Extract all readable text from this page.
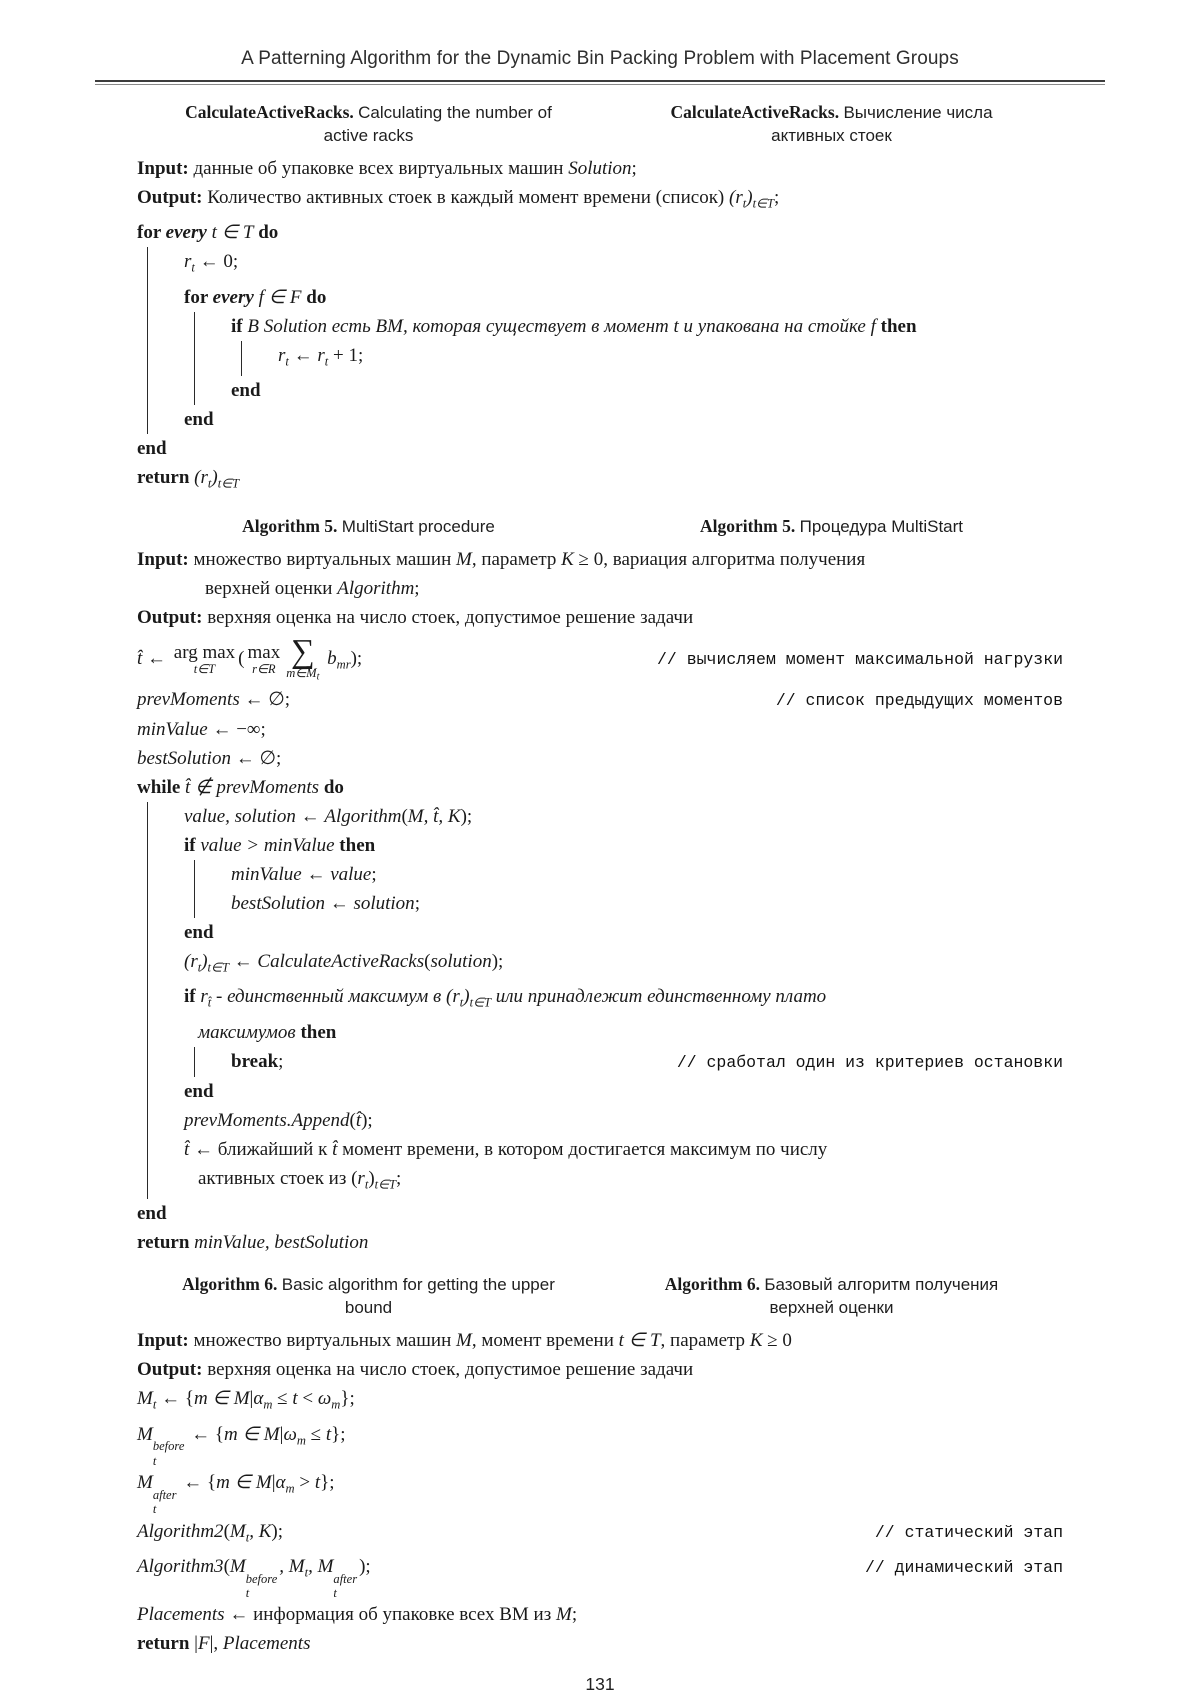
A Patterning Algorithm for the Dynamic Bin Packing Problem with Placement Groups
CalculateActiveRacks. Calculating the number of
active racks
CalculateActiveRacks. Вычисление числа
активных стоек
Input: данные об упаковке всех виртуальных машин Solution;
Output: Количество активных стоек в каждый момент времени (список) $(r_t)_{t\in T}$;
for every t ∈ T do
$r_t$ ← 0;
for every f ∈ F do
if В Solution есть ВМ, которая существует в момент t и упакована на стойке f then
$r_t$ ← $r_t + 1$;
end
end
end
return $(r_t)_{t\in T}$
Algorithm 5. MultiStart procedure	Algorithm 5. Процедура MultiStart
Input: множество виртуальных машин M, параметр K ≥ 0, вариация алгоритма получения
верхней оценки Algorithm;
Output: верхняя оценка на число стоек, допустимое решение задачи
t̂ ← arg max
t∈T
( max
r∈R ∑
$m\in M_t$
$b_{mr}$);	// вычисляем момент максимальной нагрузки
prevMoments ← ∅;	// список предыдущих моментов
minValue ← −∞;
bestSolution ← ∅;
while t̂ ∉ prevMoments do
value, solution ← Algorithm(M, t̂, K);
if value > minValue then
minValue ← value;
bestSolution ← solution;
end
$(r_t)_{t\in T}$ ← CalculateActiveRacks(solution);
if $r_{t̂}$ - единственный максимум в $(r_t)_{t\in T}$ или принадлежит единственному плато
максимумов then
break;	// сработал один из критериев остановки
end
prevMoments.Append(t̂);
t̂ ← ближайший к t̂ момент времени, в котором достигается максимум по числу
активных стоек из $(r_t)_{t\in T}$;
end
return minValue, bestSolution
Algorithm 6. Basic algorithm for getting the upper
bound
Algorithm 6. Базовый алгоритм получения
верхней оценки
Input: множество виртуальных машин M, момент времени t ∈ T, параметр K ≥ 0
Output: верхняя оценка на число стоек, допустимое решение задачи
$M_t$ ← {m ∈ $M|\alpha_m \le t < \omega_m$};
M
before
t
← {m ∈ $M|\omega_m \le t$};
M
after
t
← {m ∈ $M|\alpha_m > t$};
$Algorithm2(M_t$, K);	// статический этап
Algorithm3(M
before
t
, $M_t$, M
after
t
);	// динамический этап
Placements ← информация об упаковке всех ВМ из M;
return |F|, Placements
131
